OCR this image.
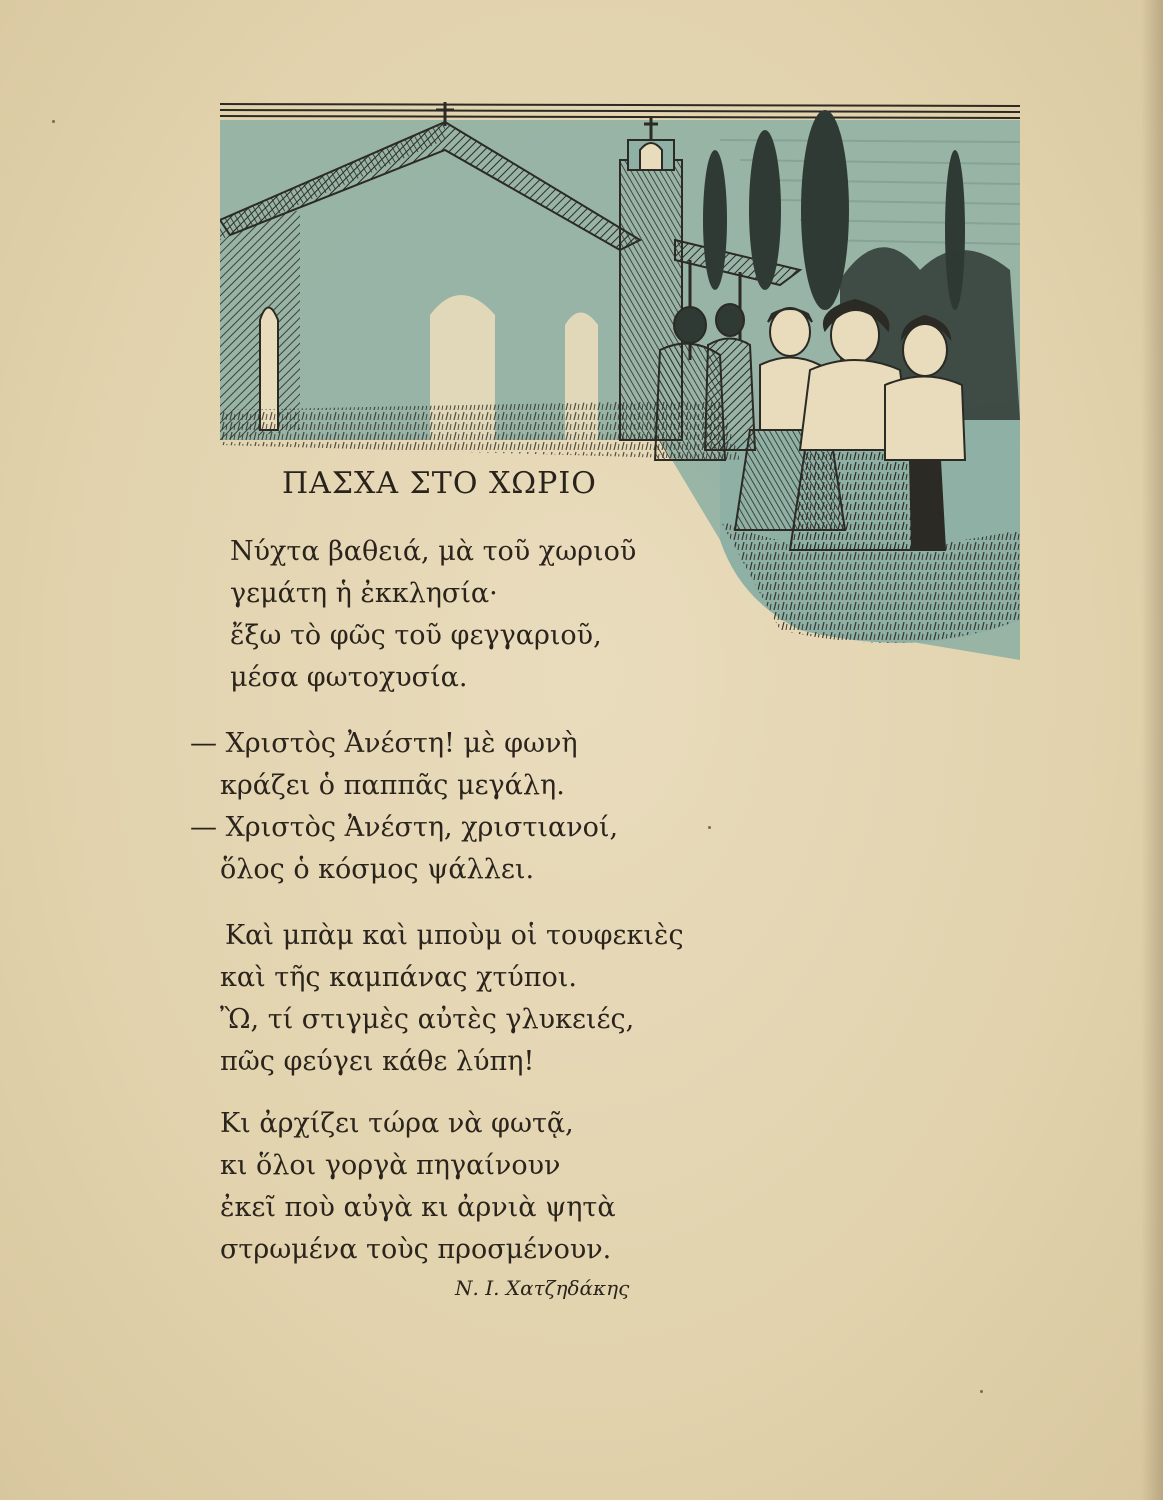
ΠΑΣΧΑ ΣΤΟ ΧΩΡΙΟ
Νύχτα βαθειά, μὰ τοῦ χωριοῦ
γεμάτη ἡ ἐκκλησία·
ἔξω τὸ φῶς τοῦ φεγγαριοῦ,
μέσα φωτοχυσία.
— Χριστὸς Ἀνέστη! μὲ φωνὴ
κράζει ὁ παππᾶς μεγάλη.
— Χριστὸς Ἀνέστη, χριστιανοί,
ὅλος ὁ κόσμος ψάλλει.
Καὶ μπὰμ καὶ μποὺμ οἱ τουφεκιὲς
καὶ τῆς καμπάνας χτύποι.
Ὢ, τί στιγμὲς αὐτὲς γλυκειές,
πῶς φεύγει κάθε λύπη!
Κι ἀρχίζει τώρα νὰ φωτᾷ,
κι ὅλοι γοργὰ πηγαίνουν
ἐκεῖ ποὺ αὐγὰ κι ἀρνιὰ ψητὰ
στρωμένα τοὺς προσμένουν.
Ν. Ι. Χατζηδάκης
